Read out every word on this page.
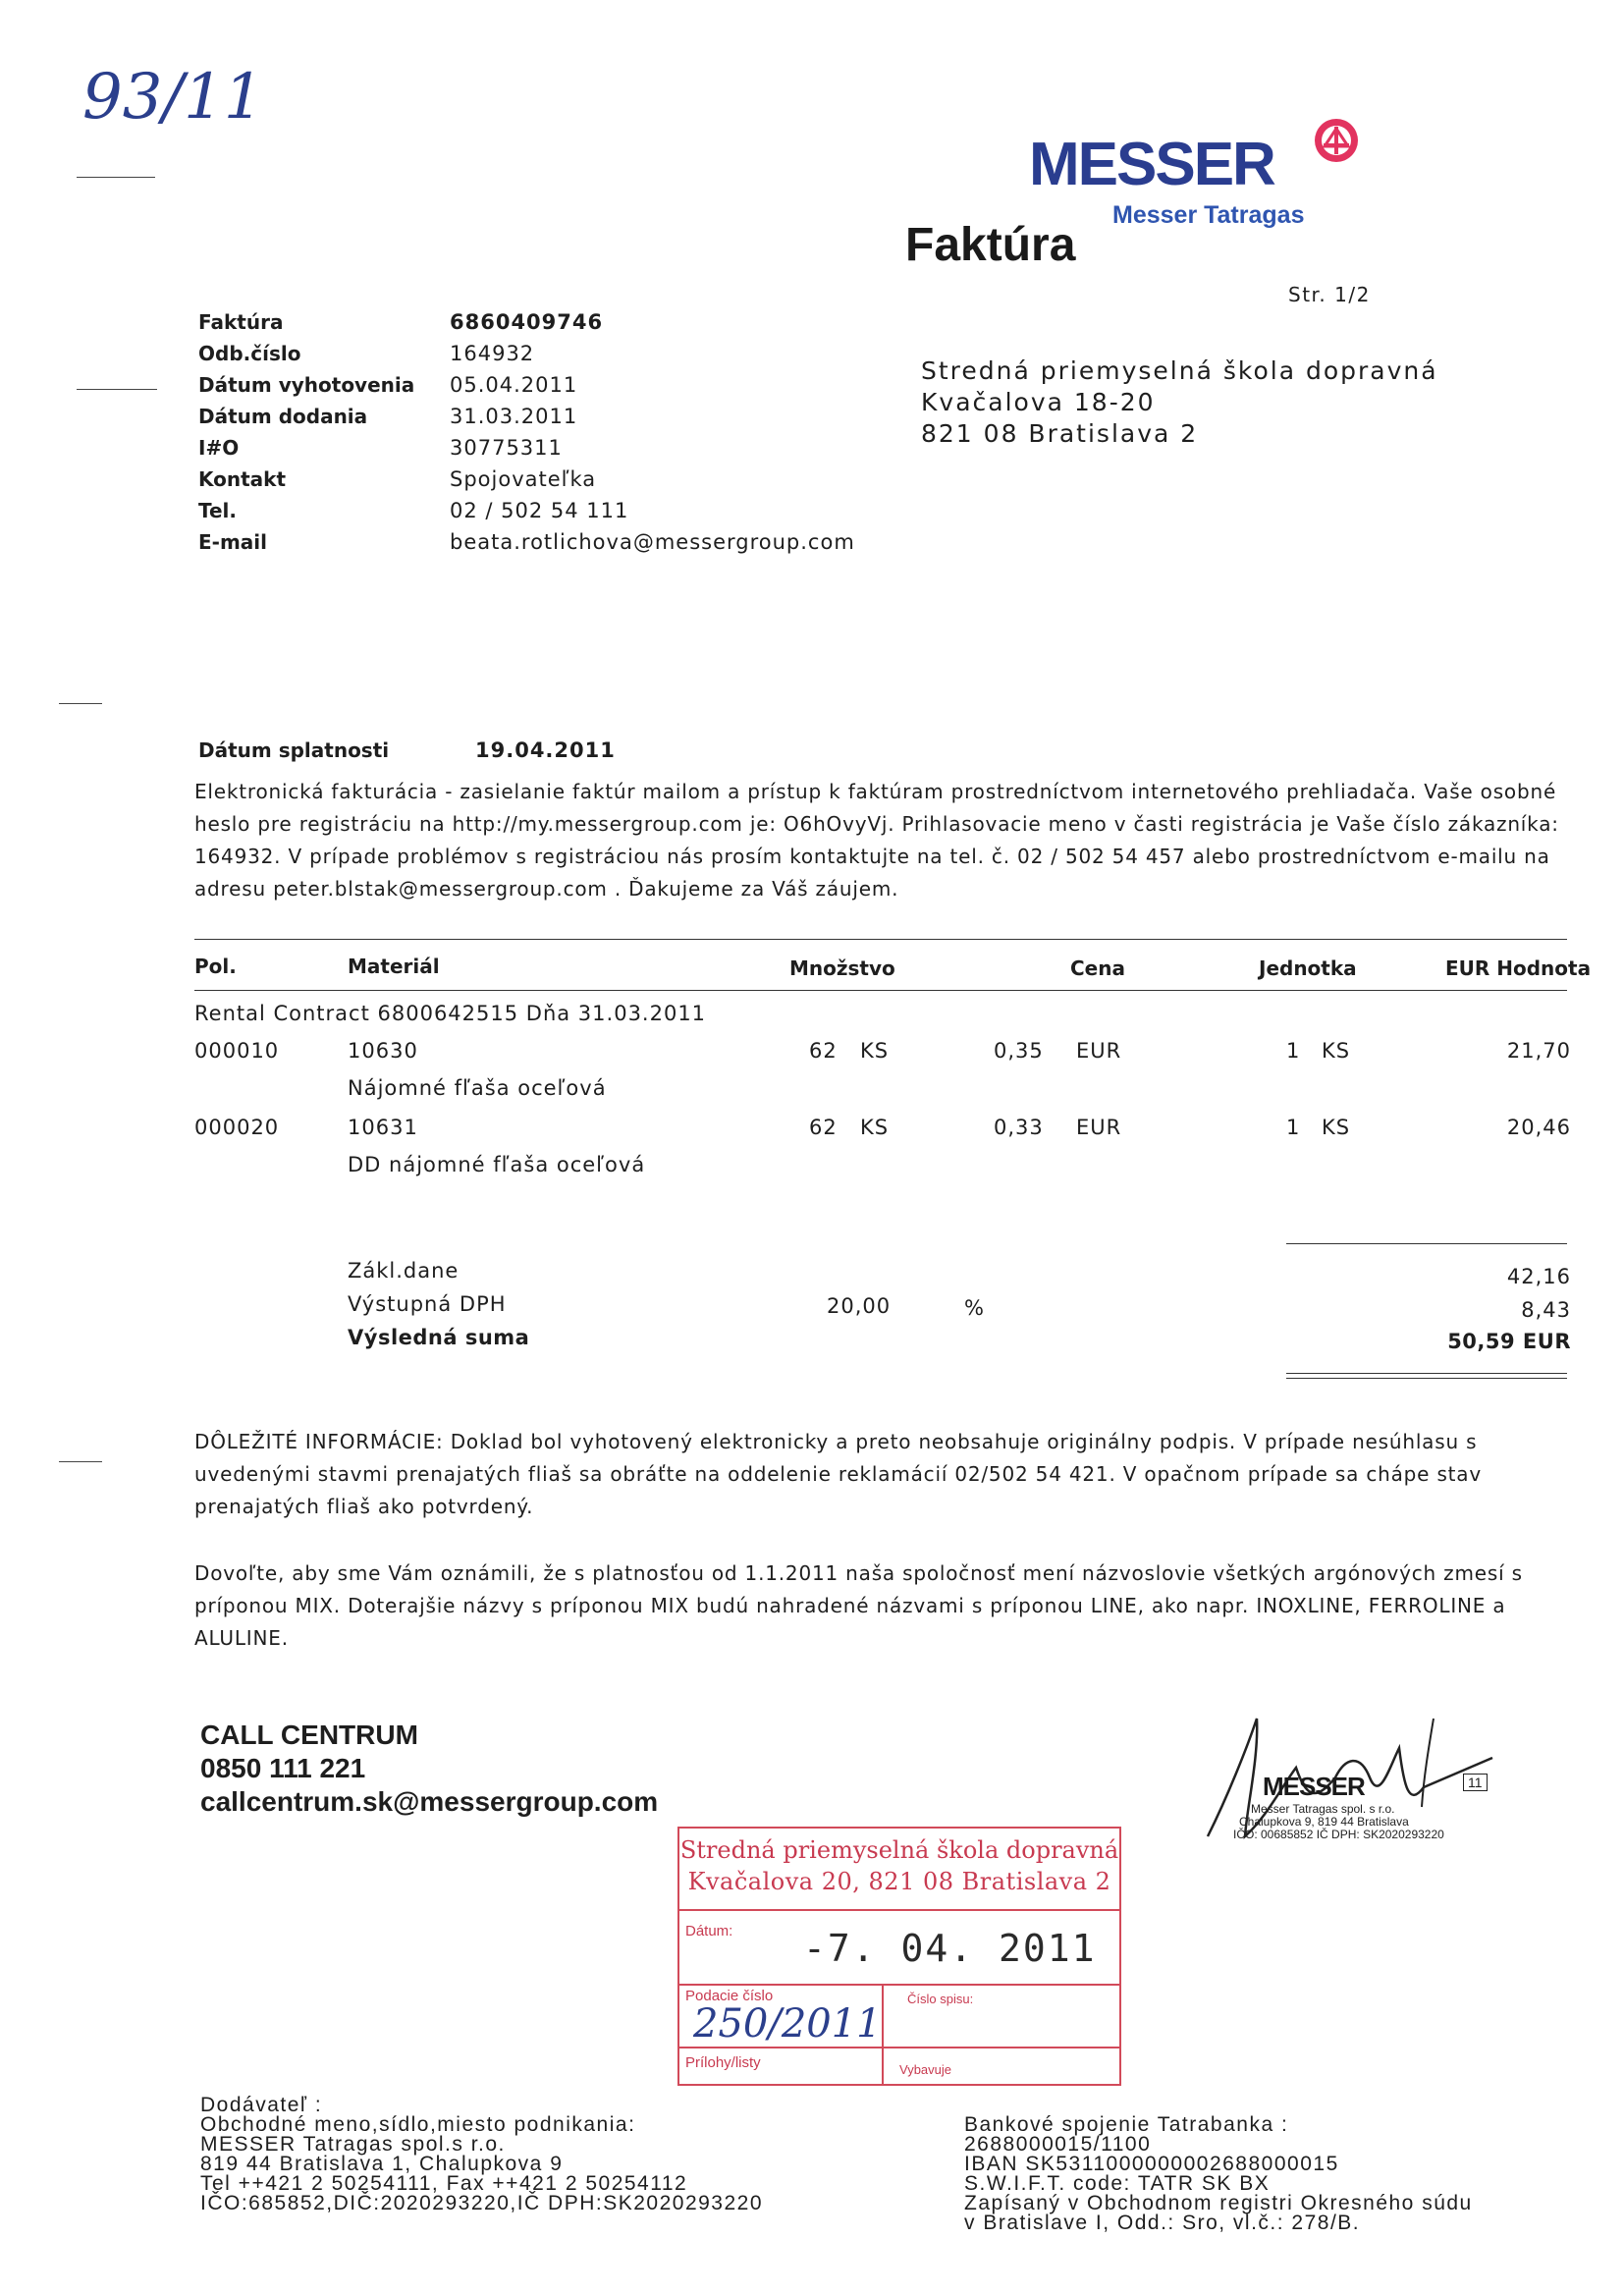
93/11
MESSER
Messer Tatragas
Faktúra
Str. 1/2
Faktúra	6860409746
Odb.číslo	164932
Dátum vyhotovenia 05.04.2011
Dátum dodania	31.03.2011
I#O	30775311
Kontakt	Spojovateľka
Tel.	02 / 502 54 111
E-mail	beata.rotlichova@messergroup.com
Stredná priemyselná škola dopravná
Kvačalova 18-20
821 08 Bratislava 2
Dátum splatnosti	19.04.2011
Elektronická fakturácia - zasielanie faktúr mailom a prístup k faktúram prostredníctvom internetového prehliadača. Vaše osobné
heslo pre registráciu na http://my.messergroup.com je: O6hOvyVj. Prihlasovacie meno v časti registrácia je Vaše číslo zákazníka:
164932. V prípade problémov s registráciou nás prosím kontaktujte na tel. č. 02 / 502 54 457 alebo prostredníctvom e-mailu na
adresu peter.blstak@messergroup.com . Ďakujeme za Váš záujem.
Pol.	Materiál	Množstvo	Cena	Jednotka	EUR Hodnota
Rental Contract 6800642515 Dňa 31.03.2011
000010	10630	62 KS	0,35 EUR	1 KS	21,70
Nájomné fľaša oceľová
000020	10631	62 KS	0,33 EUR	1 KS	20,46
DD nájomné fľaša oceľová
Zákl.dane	42,16
Výstupná DPH	20,00	%	8,43
Výsledná suma	50,59 EUR
DÔLEŽITÉ INFORMÁCIE: Doklad bol vyhotovený elektronicky a preto neobsahuje originálny podpis. V prípade nesúhlasu s
uvedenými stavmi prenajatých fliaš sa obráťte na oddelenie reklamácií 02/502 54 421. V opačnom prípade sa chápe stav
prenajatých fliaš ako potvrdený.
Dovoľte, aby sme Vám oznámili, že s platnosťou od 1.1.2011 naša spoločnosť mení názvoslovie všetkých argónových zmesí s
príponou MIX. Doterajšie názvy s príponou MIX budú nahradené názvami s príponou LINE, ako napr. INOXLINE, FERROLINE a
ALULINE.
CALL CENTRUM
0850 111 221
callcentrum.sk@messergroup.com	MESSER	11
Messer Tatragas spol. s r.o.
Chalupkova 9, 819 44 Bratislava
IČO: 00685852 IČ DPH: SK2020293220
Stredná priemyselná škola dopravná
Kvačalova 20, 821 08 Bratislava 2
Dátum: -7. 04. 2011
Podacie číslo
250/2011
Číslo spisu:
Prílohy/listy	Vybavuje
Dodávateľ :
Obchodné meno,sídlo,miesto podnikania:
MESSER Tatragas spol.s r.o.
819 44 Bratislava 1, Chalupkova 9
Tel ++421 2 50254111, Fax ++421 2 50254112
IČO:685852,DIČ:2020293220,IČ DPH:SK2020293220
Bankové spojenie Tatrabanka :
2688000015/1100
IBAN SK5311000000002688000015
S.W.I.F.T. code: TATR SK BX
Zapísaný v Obchodnom registri Okresného súdu
v Bratislave I, Odd.: Sro, vl.č.: 278/B.
